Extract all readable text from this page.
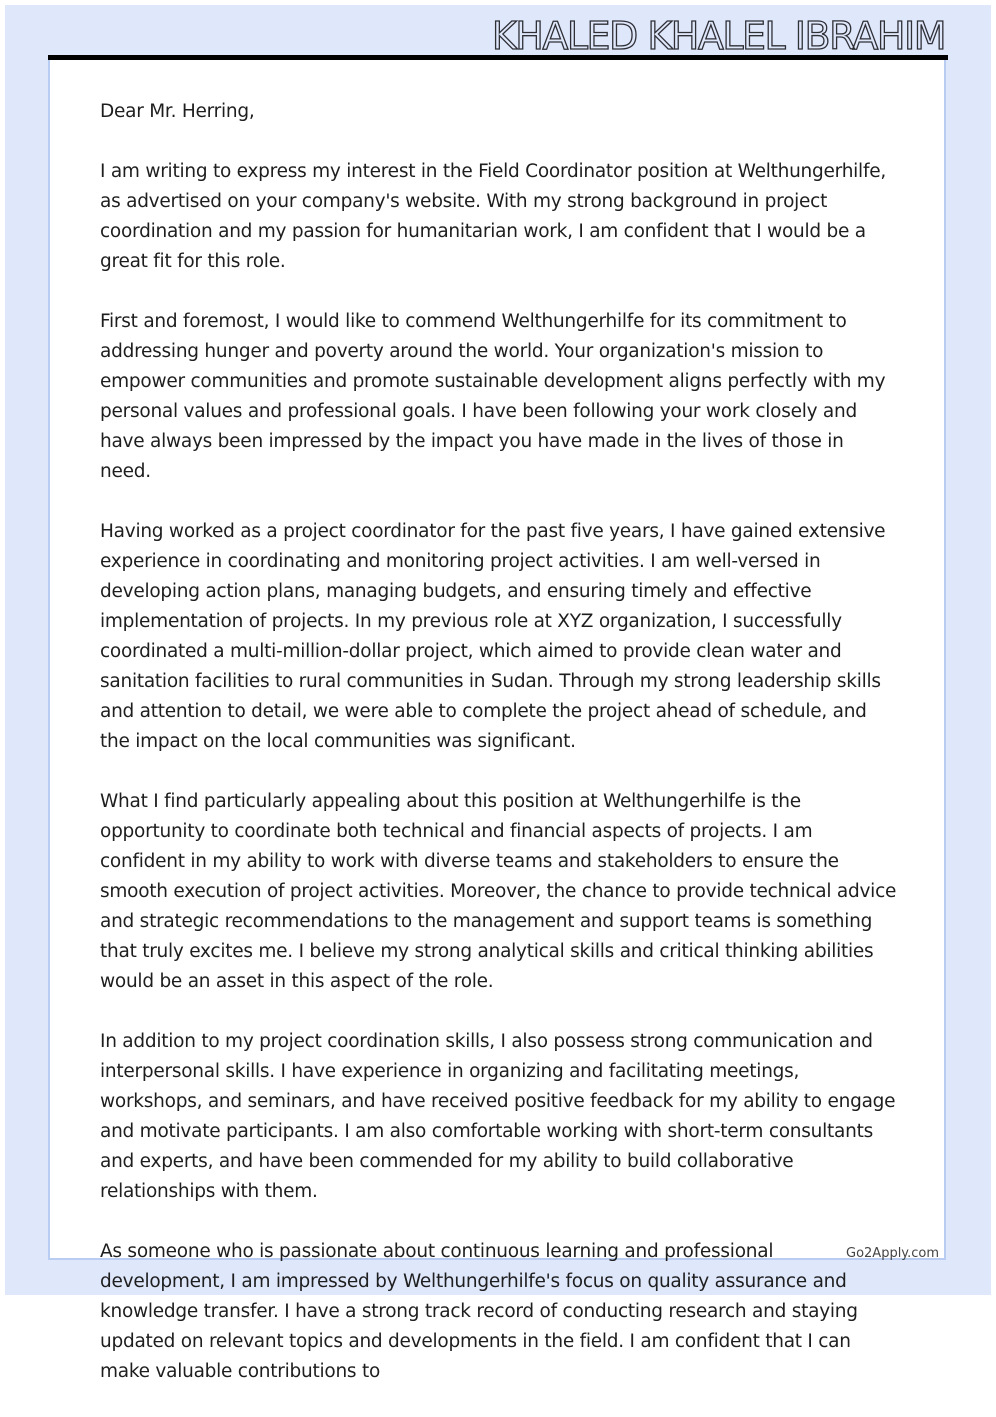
KHALED KHALEL IBRAHIM

Dear Mr. Herring,

I am writing to express my interest in the Field Coordinator position at Welthungerhilfe, as advertised on your company's website. With my strong background in project coordination and my passion for humanitarian work, I am confident that I would be a great fit for this role.

First and foremost, I would like to commend Welthungerhilfe for its commitment to addressing hunger and poverty around the world. Your organization's mission to empower communities and promote sustainable development aligns perfectly with my personal values and professional goals. I have been following your work closely and have always been impressed by the impact you have made in the lives of those in need.

Having worked as a project coordinator for the past five years, I have gained extensive experience in coordinating and monitoring project activities. I am well-versed in developing action plans, managing budgets, and ensuring timely and effective implementation of projects. In my previous role at XYZ organization, I successfully coordinated a multi-million-dollar project, which aimed to provide clean water and sanitation facilities to rural communities in Sudan. Through my strong leadership skills and attention to detail, we were able to complete the project ahead of schedule, and the impact on the local communities was significant.

What I find particularly appealing about this position at Welthungerhilfe is the opportunity to coordinate both technical and financial aspects of projects. I am confident in my ability to work with diverse teams and stakeholders to ensure the smooth execution of project activities. Moreover, the chance to provide technical advice and strategic recommendations to the management and support teams is something that truly excites me. I believe my strong analytical skills and critical thinking abilities would be an asset in this aspect of the role.

In addition to my project coordination skills, I also possess strong communication and interpersonal skills. I have experience in organizing and facilitating meetings, workshops, and seminars, and have received positive feedback for my ability to engage and motivate participants. I am also comfortable working with short-term consultants and experts, and have been commended for my ability to build collaborative relationships with them.

As someone who is passionate about continuous learning and professional development, I am impressed by Welthungerhilfe's focus on quality assurance and knowledge transfer. I have a strong track record of conducting research and staying updated on relevant topics and developments in the field. I am confident that I can make valuable contributions to

Go2Apply.com
